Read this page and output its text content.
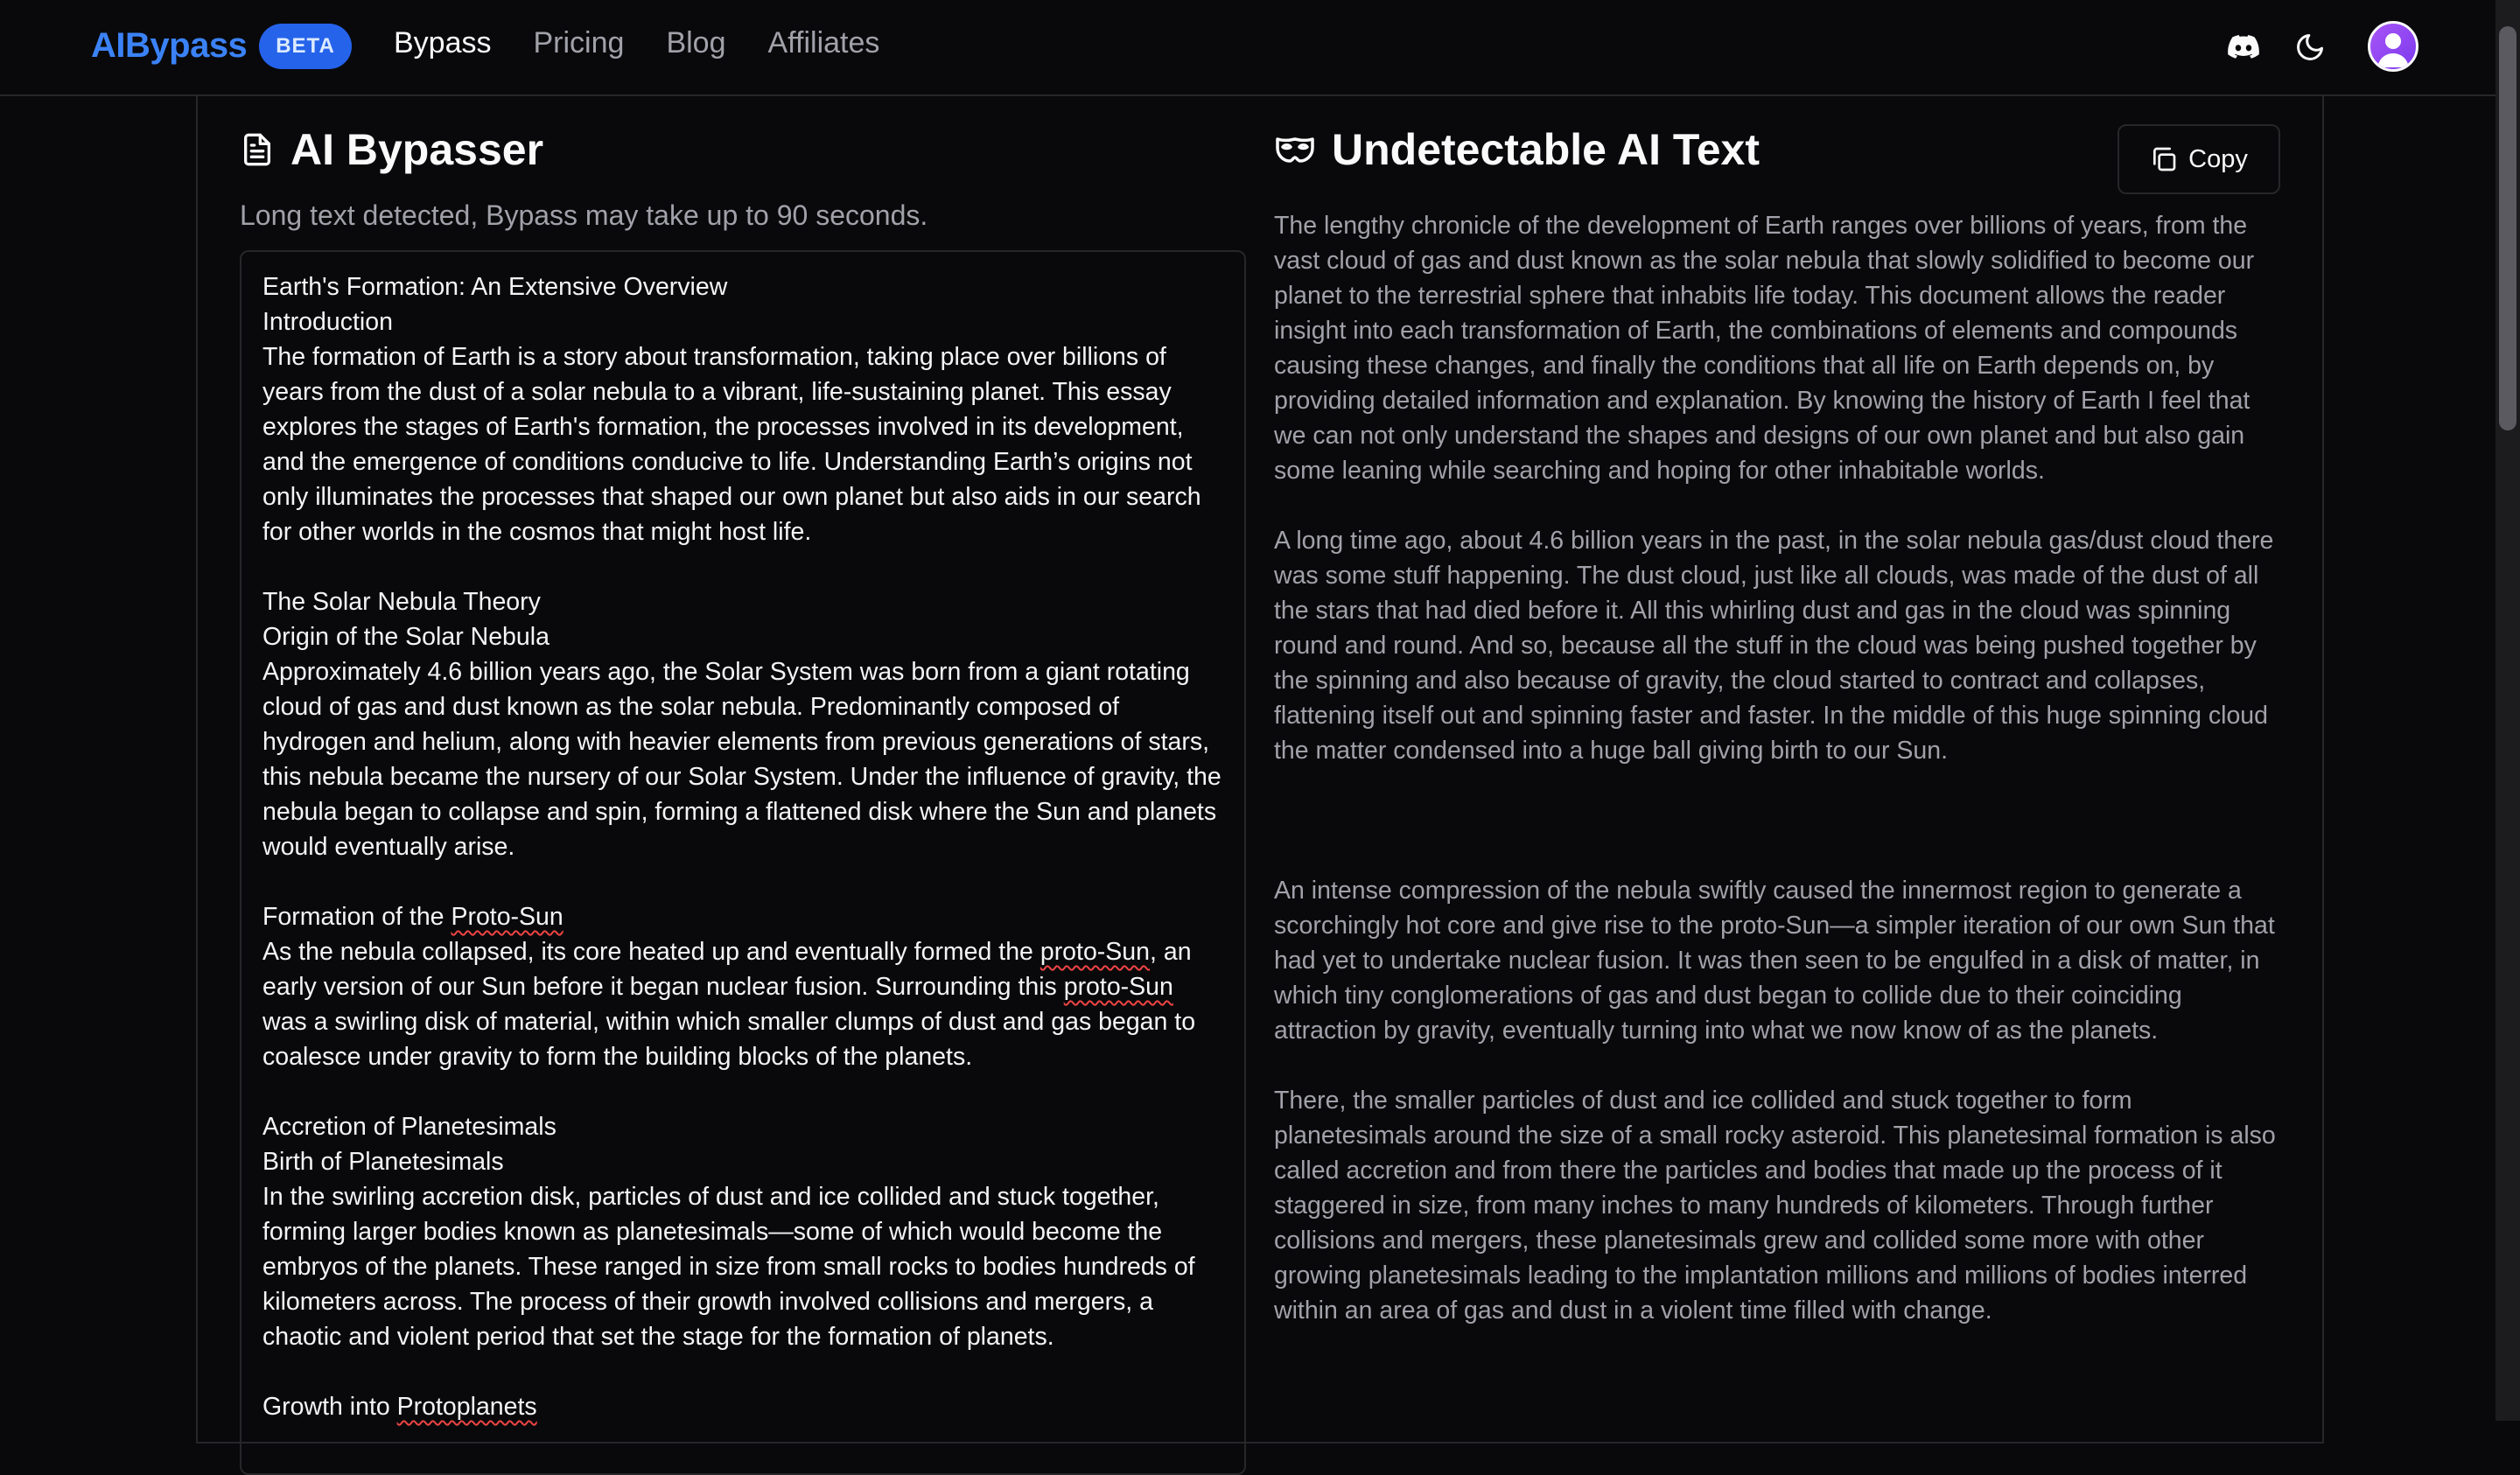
AIBypass	BETA	Bypass Pricing Blog Affiliates
AI Bypasser
Long text detected, Bypass may take up to 90 seconds.

Earth's Formation: An Extensive Overview
Introduction
The formation of Earth is a story about transformation, taking place over billions of years from the dust of a solar nebula to a vibrant, life-sustaining planet. This essay explores the stages of Earth's formation, the processes involved in its development, and the emergence of conditions conducive to life. Understanding Earth’s origins not only illuminates the processes that shaped our own planet but also aids in our search for other worlds in the cosmos that might host life.

The Solar Nebula Theory
Origin of the Solar Nebula
Approximately 4.6 billion years ago, the Solar System was born from a giant rotating cloud of gas and dust known as the solar nebula. Predominantly composed of hydrogen and helium, along with heavier elements from previous generations of stars, this nebula became the nursery of our Solar System. Under the influence of gravity, the nebula began to collapse and spin, forming a flattened disk where the Sun and planets would eventually arise.

Formation of the Proto-Sun
As the nebula collapsed, its core heated up and eventually formed the proto-Sun, an early version of our Sun before it began nuclear fusion. Surrounding this proto-Sun was a swirling disk of material, within which smaller clumps of dust and gas began to coalesce under gravity to form the building blocks of the planets.

Accretion of Planetesimals
Birth of Planetesimals
In the swirling accretion disk, particles of dust and ice collided and stuck together, forming larger bodies known as planetesimals—some of which would become the embryos of the planets. These ranged in size from small rocks to bodies hundreds of kilometers across. The process of their growth involved collisions and mergers, a chaotic and violent period that set the stage for the formation of planets.

Growth into Protoplanets

Undetectable AI Text	Copy

The lengthy chronicle of the development of Earth ranges over billions of years, from the vast cloud of gas and dust known as the solar nebula that slowly solidified to become our planet to the terrestrial sphere that inhabits life today. This document allows the reader insight into each transformation of Earth, the combinations of elements and compounds causing these changes, and finally the conditions that all life on Earth depends on, by providing detailed information and explanation. By knowing the history of Earth I feel that we can not only understand the shapes and designs of our own planet and but also gain some leaning while searching and hoping for other inhabitable worlds.

A long time ago, about 4.6 billion years in the past, in the solar nebula gas/dust cloud there was some stuff happening. The dust cloud, just like all clouds, was made of the dust of all the stars that had died before it. All this whirling dust and gas in the cloud was spinning round and round. And so, because all the stuff in the cloud was being pushed together by the spinning and also because of gravity, the cloud started to contract and collapses, flattening itself out and spinning faster and faster. In the middle of this huge spinning cloud the matter condensed into a huge ball giving birth to our Sun.

An intense compression of the nebula swiftly caused the innermost region to generate a scorchingly hot core and give rise to the proto-Sun—a simpler iteration of our own Sun that had yet to undertake nuclear fusion. It was then seen to be engulfed in a disk of matter, in which tiny conglomerations of gas and dust began to collide due to their coinciding attraction by gravity, eventually turning into what we now know of as the planets.

There, the smaller particles of dust and ice collided and stuck together to form planetesimals around the size of a small rocky asteroid. This planetesimal formation is also called accretion and from there the particles and bodies that made up the process of it staggered in size, from many inches to many hundreds of kilometers. Through further collisions and mergers, these planetesimals grew and collided some more with other growing planetesimals leading to the implantation millions and millions of bodies interred within an area of gas and dust in a violent time filled with change.
